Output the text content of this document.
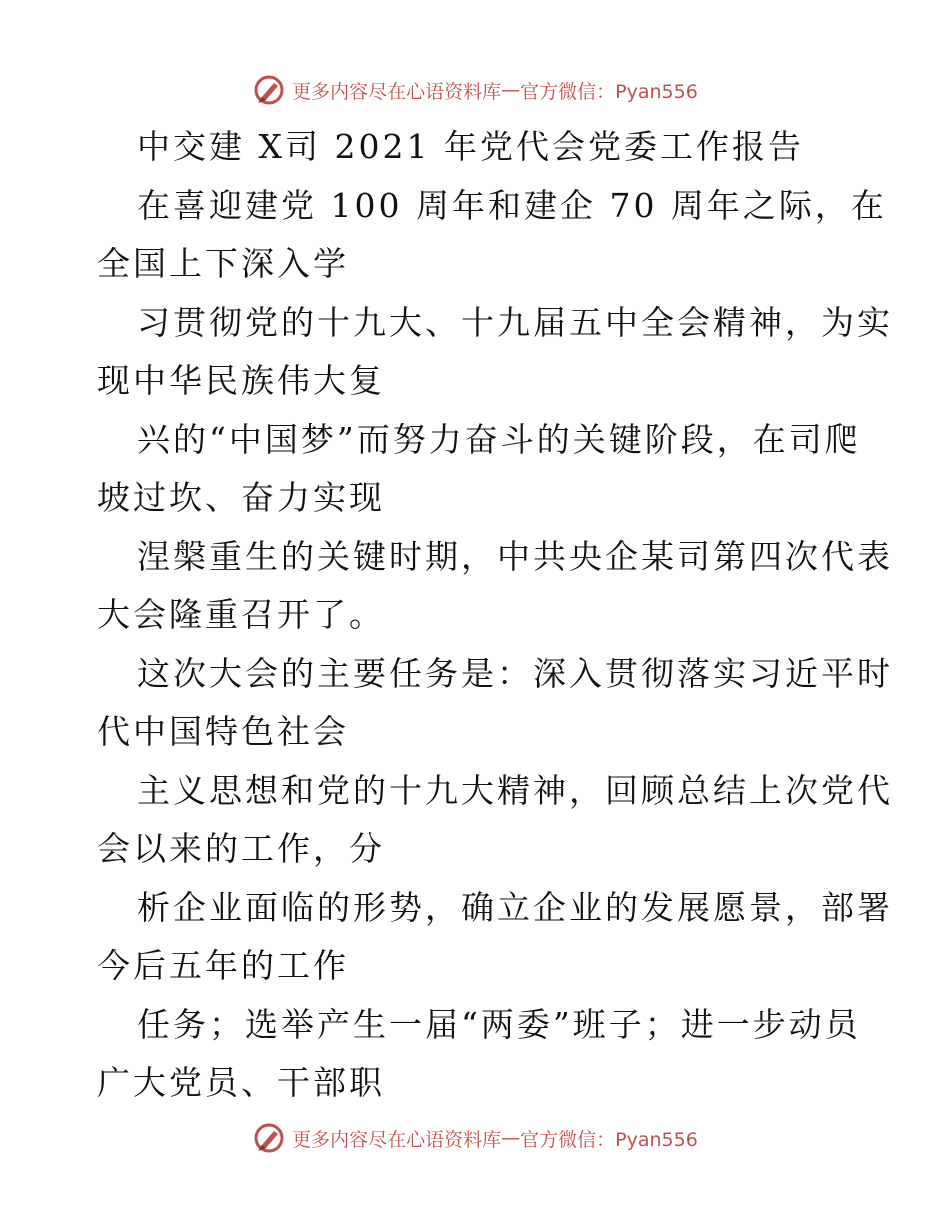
更多内容尽在心语资料库 — 官方微信：Pyan556
中交建 X司 2021 年党代会党委工作报告
在喜迎建党 100 周年和建企 70 周年之际，在
全国上下深入学
习贯彻党的十九大、十九届五中全会精神，为实
现中华民族伟大复
兴的“中国梦”而努力奋斗的关键阶段，在司爬
坡过坎、奋力实现
涅槃重生的关键时期，中共央企某司第四次代表
大会隆重召开了。
这次大会的主要任务是：深入贯彻落实习近平时
代中国特色社会
主义思想和党的十九大精神，回顾总结上次党代
会以来的工作，分
析企业面临的形势，确立企业的发展愿景，部署
今后五年的工作
任务；选举产生一届“两委”班子；进一步动员
广大党员、干部职
更多内容尽在心语资料库 — 官方微信：Pyan556
